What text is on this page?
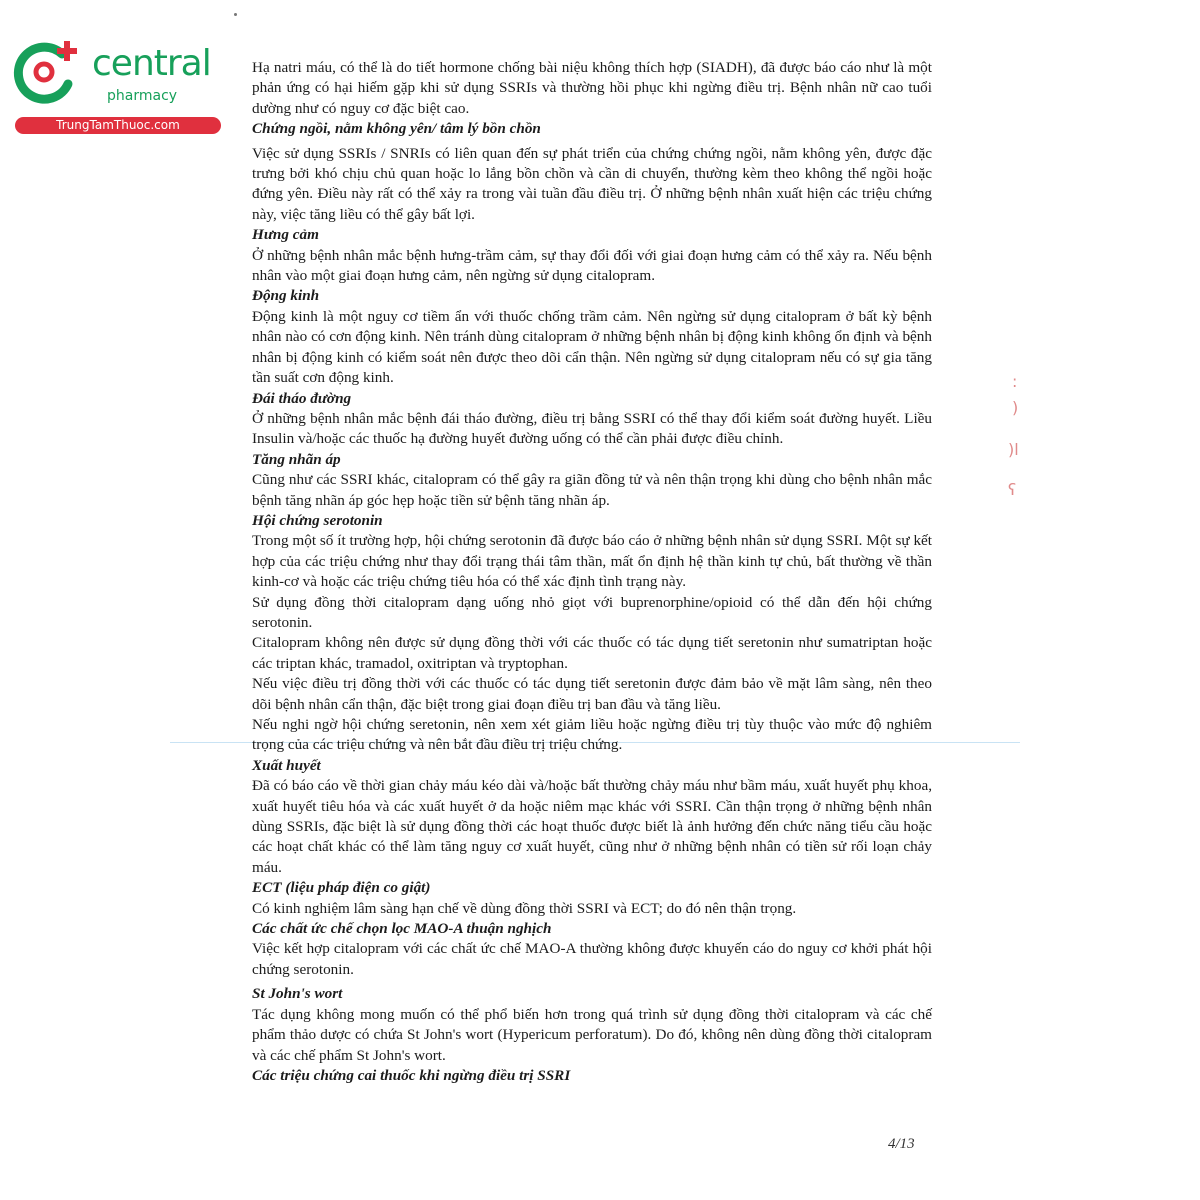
central
pharmacy
TrungTamThuoc.com
:
)
)l
ʕ

Hạ natri máu, có thể là do tiết hormone chống bài niệu không thích hợp (SIADH), đã được báo cáo như là một phản ứng có hại hiếm gặp khi sử dụng SSRIs và thường hồi phục khi ngừng điều trị. Bệnh nhân nữ cao tuổi dường như có nguy cơ đặc biệt cao.

Chứng ngồi, nằm không yên/ tâm lý bồn chồn

Việc sử dụng SSRIs / SNRIs có liên quan đến sự phát triển của chứng chứng ngồi, nằm không yên, được đặc trưng bởi khó chịu chủ quan hoặc lo lắng bồn chồn và cần di chuyển, thường kèm theo không thể ngồi hoặc đứng yên. Điều này rất có thể xảy ra trong vài tuần đầu điều trị. Ở những bệnh nhân xuất hiện các triệu chứng này, việc tăng liều có thể gây bất lợi.

Hưng cảm

Ở những bệnh nhân mắc bệnh hưng-trầm cảm, sự thay đổi đối với giai đoạn hưng cảm có thể xảy ra. Nếu bệnh nhân vào một giai đoạn hưng cảm, nên ngừng sử dụng citalopram.

Động kinh

Động kinh là một nguy cơ tiềm ẩn với thuốc chống trầm cảm. Nên ngừng sử dụng citalopram ở bất kỳ bệnh nhân nào có cơn động kinh. Nên tránh dùng citalopram ở những bệnh nhân bị động kinh không ổn định và bệnh nhân bị động kinh có kiểm soát nên được theo dõi cẩn thận. Nên ngừng sử dụng citalopram nếu có sự gia tăng tần suất cơn động kinh.

Đái tháo đường

Ở những bệnh nhân mắc bệnh đái tháo đường, điều trị bằng SSRI có thể thay đổi kiểm soát đường huyết. Liều Insulin và/hoặc các thuốc hạ đường huyết đường uống có thể cần phải được điều chỉnh.

Tăng nhãn áp

Cũng như các SSRI khác, citalopram có thể gây ra giãn đồng tử và nên thận trọng khi dùng cho bệnh nhân mắc bệnh tăng nhãn áp góc hẹp hoặc tiền sử bệnh tăng nhãn áp.

Hội chứng serotonin

Trong một số ít trường hợp, hội chứng serotonin đã được báo cáo ở những bệnh nhân sử dụng SSRI. Một sự kết hợp của các triệu chứng như thay đổi trạng thái tâm thần, mất ổn định hệ thần kinh tự chủ, bất thường về thần kinh-cơ và hoặc các triệu chứng tiêu hóa có thể xác định tình trạng này.

Sử dụng đồng thời citalopram dạng uống nhỏ giọt với buprenorphine/opioid có thể dẫn đến hội chứng serotonin.

Citalopram không nên được sử dụng đồng thời với các thuốc có tác dụng tiết seretonin như sumatriptan hoặc các triptan khác, tramadol, oxitriptan và tryptophan.

Nếu việc điều trị đồng thời với các thuốc có tác dụng tiết seretonin được đảm bảo về mặt lâm sàng, nên theo dõi bệnh nhân cẩn thận, đặc biệt trong giai đoạn điều trị ban đầu và tăng liều.

Nếu nghi ngờ hội chứng seretonin, nên xem xét giảm liều hoặc ngừng điều trị tùy thuộc vào mức độ nghiêm trọng của các triệu chứng và nên bắt đầu điều trị triệu chứng.

Xuất huyết

Đã có báo cáo về thời gian chảy máu kéo dài và/hoặc bất thường chảy máu như bầm máu, xuất huyết phụ khoa, xuất huyết tiêu hóa và các xuất huyết ở da hoặc niêm mạc khác với SSRI. Cần thận trọng ở những bệnh nhân dùng SSRIs, đặc biệt là sử dụng đồng thời các hoạt thuốc được biết là ảnh hưởng đến chức năng tiểu cầu hoặc các hoạt chất khác có thể làm tăng nguy cơ xuất huyết, cũng như ở những bệnh nhân có tiền sử rối loạn chảy máu.

ECT (liệu pháp điện co giật)

Có kinh nghiệm lâm sàng hạn chế về dùng đồng thời SSRI và ECT; do đó nên thận trọng.

Các chất ức chế chọn lọc MAO-A thuận nghịch

Việc kết hợp citalopram với các chất ức chế MAO-A thường không được khuyến cáo do nguy cơ khởi phát hội chứng serotonin.

St John's wort

Tác dụng không mong muốn có thể phổ biến hơn trong quá trình sử dụng đồng thời citalopram và các chế phẩm thảo dược có chứa St John's wort (Hypericum perforatum). Do đó, không nên dùng đồng thời citalopram và các chế phẩm St John's wort.

Các triệu chứng cai thuốc khi ngừng điều trị SSRI
4/13
